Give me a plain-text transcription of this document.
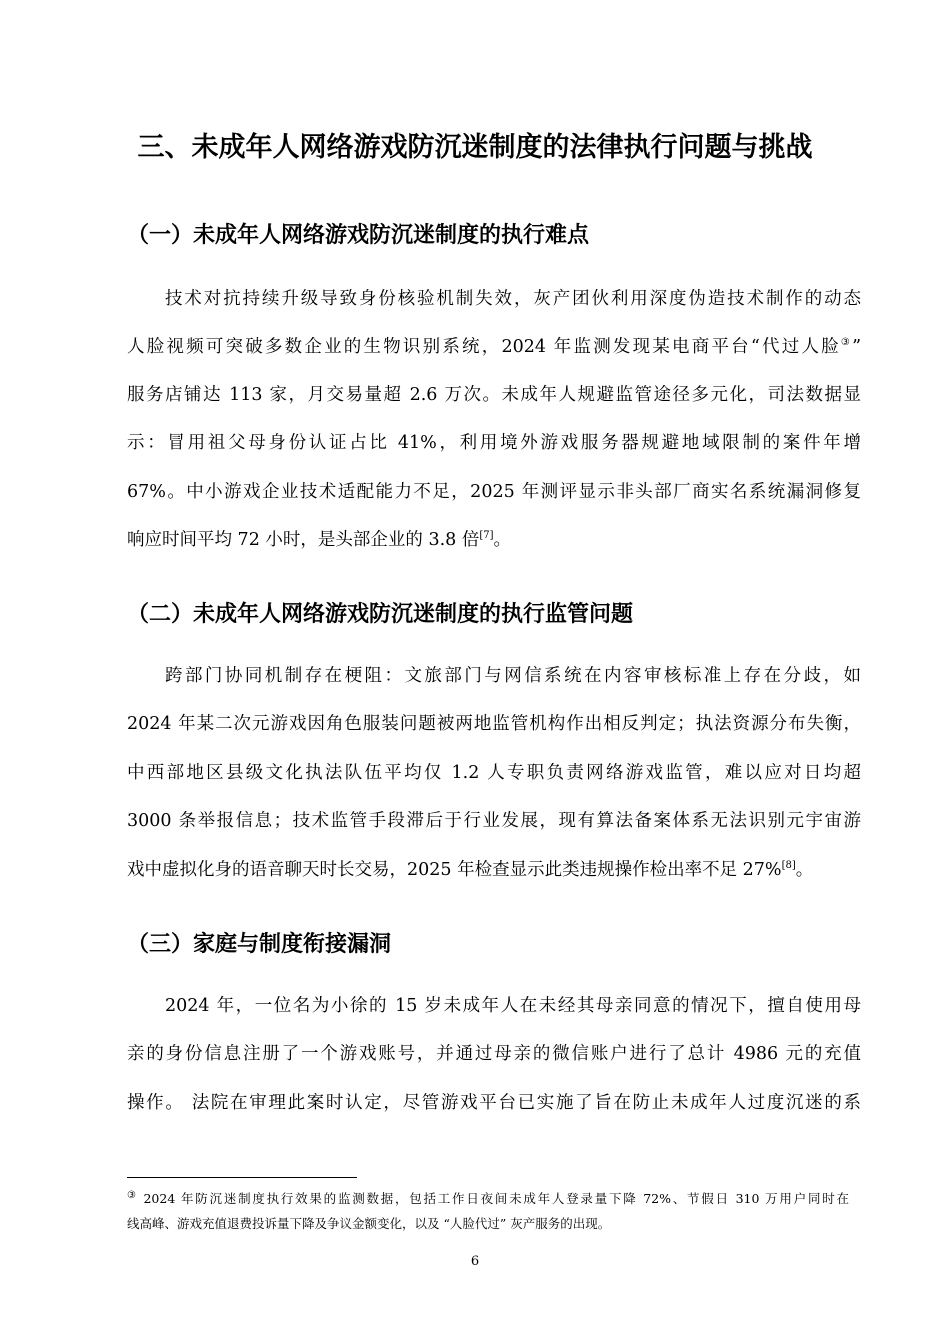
三、未成年人网络游戏防沉迷制度的法律执行问题与挑战
（一）未成年人网络游戏防沉迷制度的执行难点
技术对抗持续升级导致身份核验机制失效，灰产团伙利用深度伪造技术制作的动态
人脸视频可突破多数企业的生物识别系统，2024 年监测发现某电商平台“代过人脸③”
服务店铺达 113 家，月交易量超 2.6 万次。未成年人规避监管途径多元化，司法数据显
示：冒用祖父母身份认证占比 41%，利用境外游戏服务器规避地域限制的案件年增
67%。中小游戏企业技术适配能力不足，2025 年测评显示非头部厂商实名系统漏洞修复
响应时间平均 72 小时，是头部企业的 3.8 倍[7]。
（二）未成年人网络游戏防沉迷制度的执行监管问题
跨部门协同机制存在梗阻：文旅部门与网信系统在内容审核标准上存在分歧，如
2024 年某二次元游戏因角色服装问题被两地监管机构作出相反判定；执法资源分布失衡，
中西部地区县级文化执法队伍平均仅 1.2 人专职负责网络游戏监管，难以应对日均超
3000 条举报信息；技术监管手段滞后于行业发展，现有算法备案体系无法识别元宇宙游
戏中虚拟化身的语音聊天时长交易，2025 年检查显示此类违规操作检出率不足 27%[8]。
（三）家庭与制度衔接漏洞
2024 年，一位名为小徐的 15 岁未成年人在未经其母亲同意的情况下，擅自使用母
亲的身份信息注册了一个游戏账号，并通过母亲的微信账户进行了总计 4986 元的充值
操作。 法院在审理此案时认定，尽管游戏平台已实施了旨在防止未成年人过度沉迷的系
③ 2024 年防沉迷制度执行效果的监测数据，包括工作日夜间未成年人登录量下降 72%、节假日 310 万用户同时在
线高峰、游戏充值退费投诉量下降及争议金额变化，以及 “人脸代过” 灰产服务的出现。
6
